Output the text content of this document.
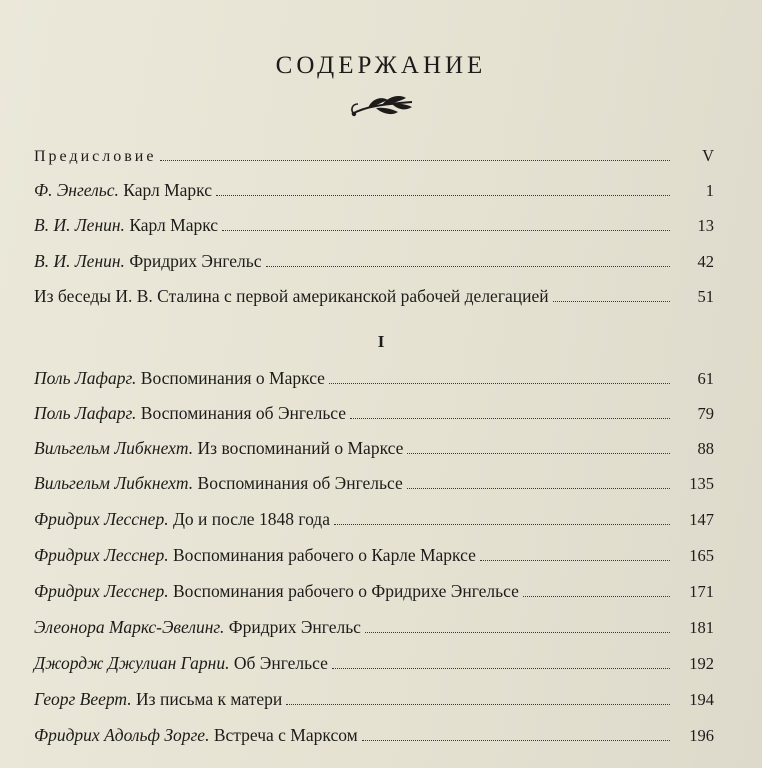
СОДЕРЖАНИЕ
Предисловие	V
Ф. Энгельс. Карл Маркс	1
В. И. Ленин. Карл Маркс	13
В. И. Ленин. Фридрих Энгельс	42
Из беседы И. В. Сталина с первой американской рабочей делегацией	51
I
Поль Лафарг. Воспоминания о Марксе	61
Поль Лафарг. Воспоминания об Энгельсе	79
Вильгельм Либкнехт. Из воспоминаний о Марксе	88
Вильгельм Либкнехт. Воспоминания об Энгельсе	135
Фридрих Лесснер. До и после 1848 года	147
Фридрих Лесснер. Воспоминания рабочего о Карле Марксе	165
Фридрих Лесснер. Воспоминания рабочего о Фридрихе Энгельсе	171
Элеонора Маркс-Эвелинг. Фридрих Энгельс	181
Джордж Джулиан Гарни. Об Энгельсе	192
Георг Веерт. Из письма к матери	194
Фридрих Адольф Зорге. Встреча с Марксом	196
